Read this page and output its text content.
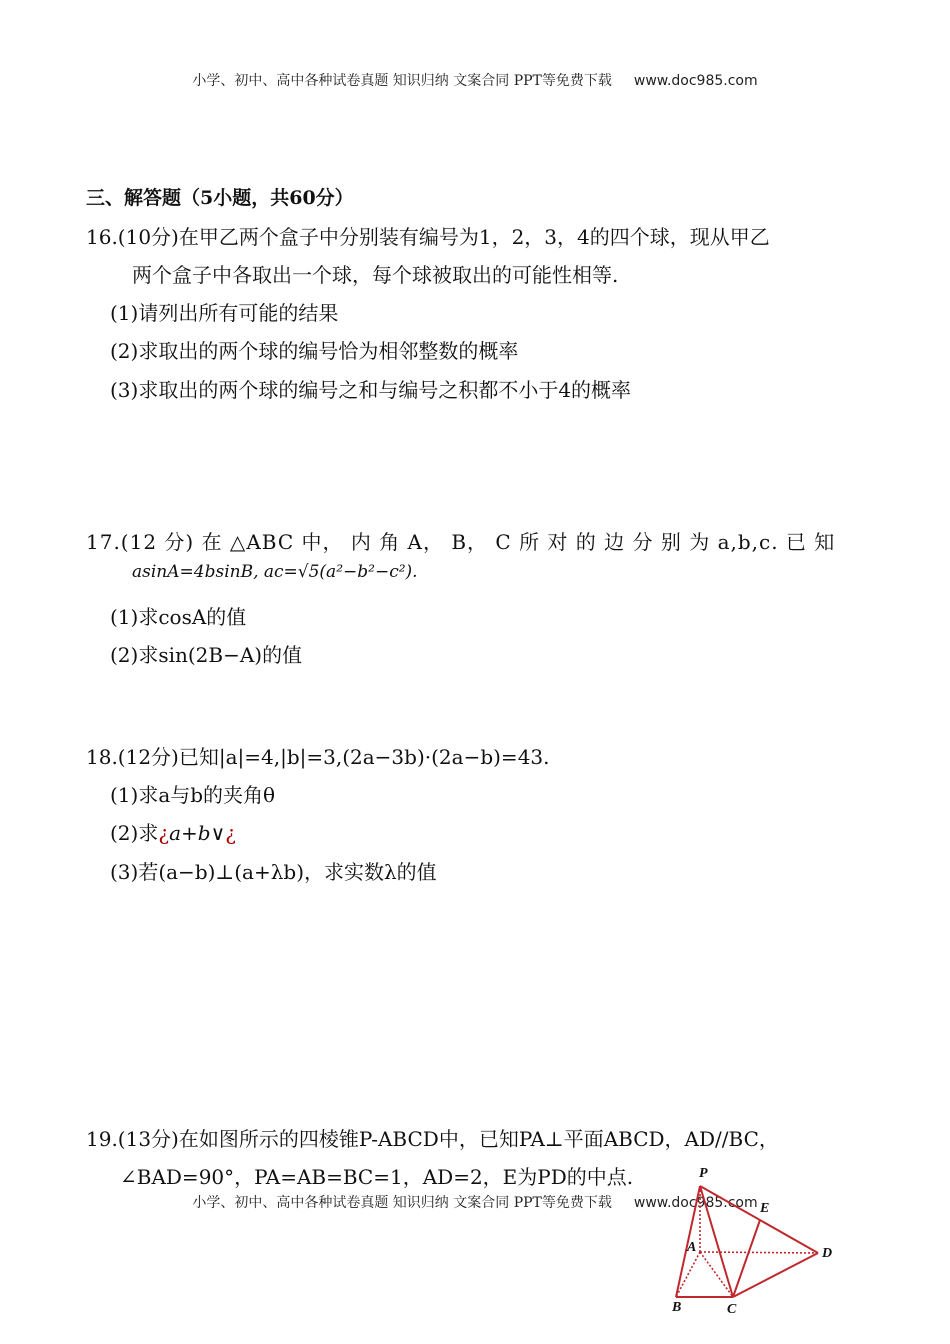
小学、初中、高中各种试卷真题 知识归纳 文案合同 PPT等免费下载 www.doc985.com
三、解答题（5小题，共60分）
16.(10分)在甲乙两个盒子中分别装有编号为1，2，3，4的四个球，现从甲乙
两个盒子中各取出一个球，每个球被取出的可能性相等.
(1)请列出所有可能的结果
(2)求取出的两个球的编号恰为相邻整数的概率
(3)求取出的两个球的编号之和与编号之积都不小于4的概率
17.(12 分) 在 △ABC 中， 内 角 A， B， C 所 对 的 边 分 别 为 a,b,c. 已 知
asinA=4bsinB, ac=√5(a²−b²−c²).
(1)求cosA的值
(2)求sin(2B−A)的值
18.(12分)已知|a|=4,|b|=3,(2a−3b)·(2a−b)=43.
(1)求a与b的夹角θ
(2)求¿a+b∨¿
(3)若(a−b)⊥(a+λb)，求实数λ的值
19.(13分)在如图所示的四棱锥P-ABCD中，已知PA⊥平面ABCD，AD//BC，
∠BAD=90°，PA=AB=BC=1，AD=2，E为PD的中点.
小学、初中、高中各种试卷真题 知识归纳 文案合同 PPT等免费下载 www.doc985.com
P
E
A	D
B	C
